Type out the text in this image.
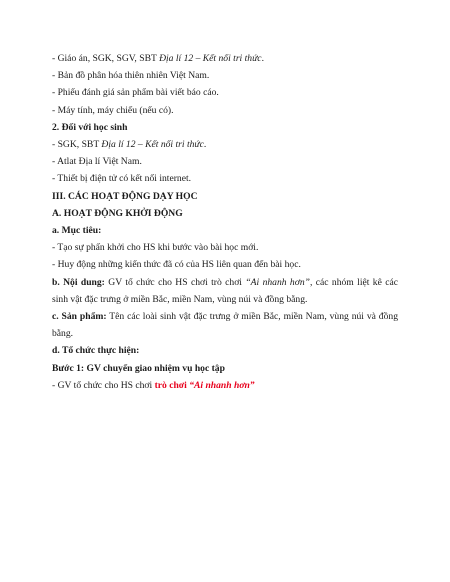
- Giáo án, SGK, SGV, SBT Địa lí 12 – Kết nối tri thức.
- Bản đồ phân hóa thiên nhiên Việt Nam.
- Phiếu đánh giá sản phẩm bài viết báo cáo.
- Máy tính, máy chiếu (nếu có).
2. Đối với học sinh
- SGK, SBT Địa lí 12 – Kết nối tri thức.
- Atlat Địa lí Việt Nam.
- Thiết bị điện tử có kết nối internet.
III. CÁC HOẠT ĐỘNG DẠY HỌC
A. HOẠT ĐỘNG KHỞI ĐỘNG
a. Mục tiêu:
- Tạo sự phấn khởi cho HS khi bước vào bài học mới.
- Huy động những kiến thức đã có của HS liên quan đến bài học.
b. Nội dung: GV tổ chức cho HS chơi trò chơi “Ai nhanh hơn”, các nhóm liệt kê các sinh vật đặc trưng ở miền Bắc, miền Nam, vùng núi và đồng bằng.
c. Sản phẩm: Tên các loài sinh vật đặc trưng ở miền Bắc, miền Nam, vùng núi và đồng bằng.
d. Tổ chức thực hiện:
Bước 1: GV chuyển giao nhiệm vụ học tập
- GV tổ chức cho HS chơi trò chơi “Ai nhanh hơn”
